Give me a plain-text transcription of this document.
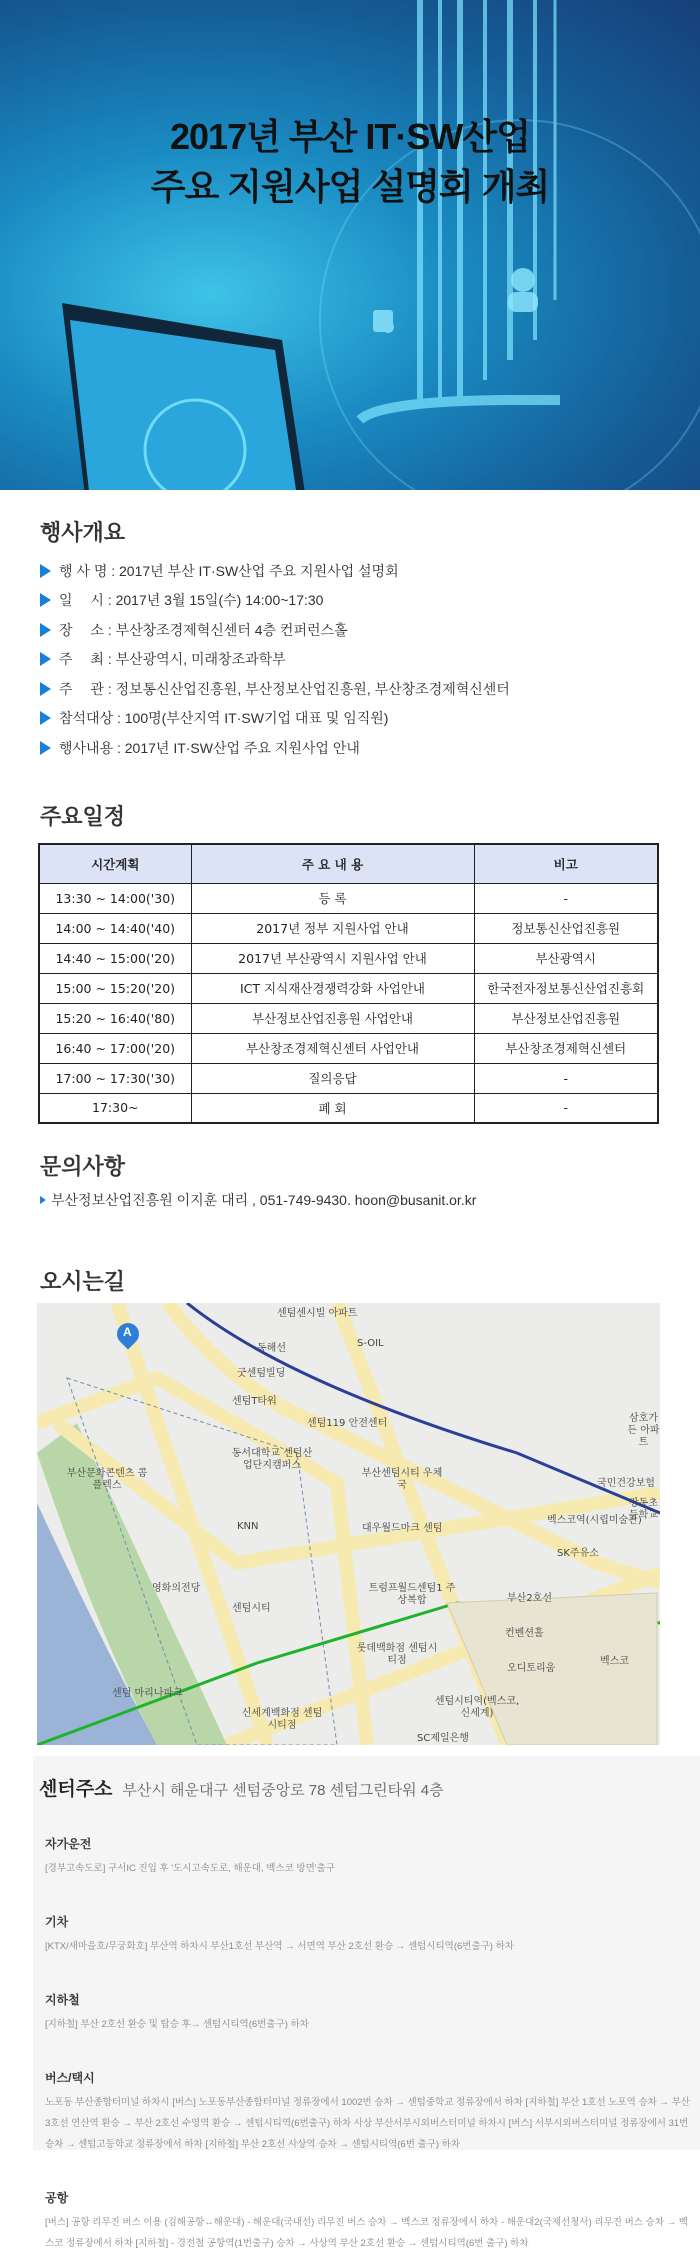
2017년 부산 IT·SW산업
주요 지원사업 설명회 개최
행사개요
행 사 명 : 2017년 부산 IT·SW산업 주요 지원사업 설명회
일　 시 : 2017년 3월 15일(수) 14:00~17:30
장　 소 : 부산창조경제혁신센터 4층 컨퍼런스홀
주　 최 : 부산광역시, 미래창조과학부
주　 관 : 정보통신산업진흥원, 부산정보산업진흥원, 부산창조경제혁신센터
참석대상 : 100명(부산지역 IT·SW기업 대표 및 임직원)
행사내용 : 2017년 IT·SW산업 주요 지원사업 안내
주요일정
시간계획	주 요 내 용	비고
13:30 ~ 14:00('30)	등 록	-
14:00 ~ 14:40('40)	2017년 정부 지원사업 안내	정보통신산업진흥원
14:40 ~ 15:00('20)	2017년 부산광역시 지원사업 안내	부산광역시
15:00 ~ 15:20('20)	ICT 지식재산경쟁력강화 사업안내	한국전자정보통신산업진흥회
15:20 ~ 16:40('80)	부산정보산업진흥원 사업안내	부산정보산업진흥원
16:40 ~ 17:00('20)	부산창조경제혁신센터 사업안내	부산창조경제혁신센터
17:00 ~ 17:30('30)	질의응답	-
17:30~	폐 회	-
문의사항
부산정보산업진흥원 이지훈 대리 , 051-749-9430. hoon@busanit.or.kr
오시는길
A
센텀센시빌 아파트
굿센텀빌딩
센텀T타워
센텀119 안전센터
동서대학교 센텀산업단지캠퍼스
부산문화콘텐츠 콤플렉스
KNN
영화의전당
센텀시티
센텀 마리나파크
신세계백화점 센텀시티점
롯데백화점 센텀시티점
S-OIL
부산센텀시티 우체국
대우월드마크 센텀
트럼프월드센텀1 주상복합
삼호가든 아파트
국민건강보험
강동초등학교
SK주유소
컨벤션홀
오디토리움
벡스코
SC제일은행
벡스코역(시립미술관)
센텀시티역(벡스코,신세계)
부산2호선
동해선
센터주소 부산시 해운대구 센텀중앙로 78 센텀그린타워 4층
자가운전

[경부고속도로] 구서IC 진입 후 '도시고속도로, 해운대, 벡스코 방면'출구

기차

[KTX/새마을호/무궁화호] 부산역 하차시 부산1호선 부산역 → 서면역 부산 2호선 환승 → 센텀시티역(6번출구) 하차

지하철

[지하철] 부산 2호선 환승 및 탑승 후→ 센텀시티역(6번출구) 하차

버스/택시

노포동 부산종합터미널 하차시 [버스] 노포동부산종합터미널 정류장에서 1002번 승차 → 센텀중학교 정류장에서 하차 [지하철] 부산 1호선 노포역 승차 → 부산 3호선 연산역 환승 → 부산 2호선 수영역 환승 → 센텀시티역(6번출구) 하차 사상 부산서부시외버스터미널 하차시 [버스] 서부시외버스터미널 정류장에서 31번 승차 → 센텀고등학교 정류장에서 하차 [지하철] 부산 2호선 사상역 승차 → 센텀시티역(6번 출구) 하차

공항

[버스] 공항 리무진 버스 이용 (김해공항↔해운대) - 해운대(국내선) 리무진 버스 승차 → 벡스코 정류장에서 하차 - 해운대2(국제선청사) 리무진 버스 승차 → 벡스코 정류장에서 하차 [지하철] - 경전철 공항역(1번출구) 승차 → 사상역 부산 2호선 환승 → 센텀시티역(6번 출구) 하차
